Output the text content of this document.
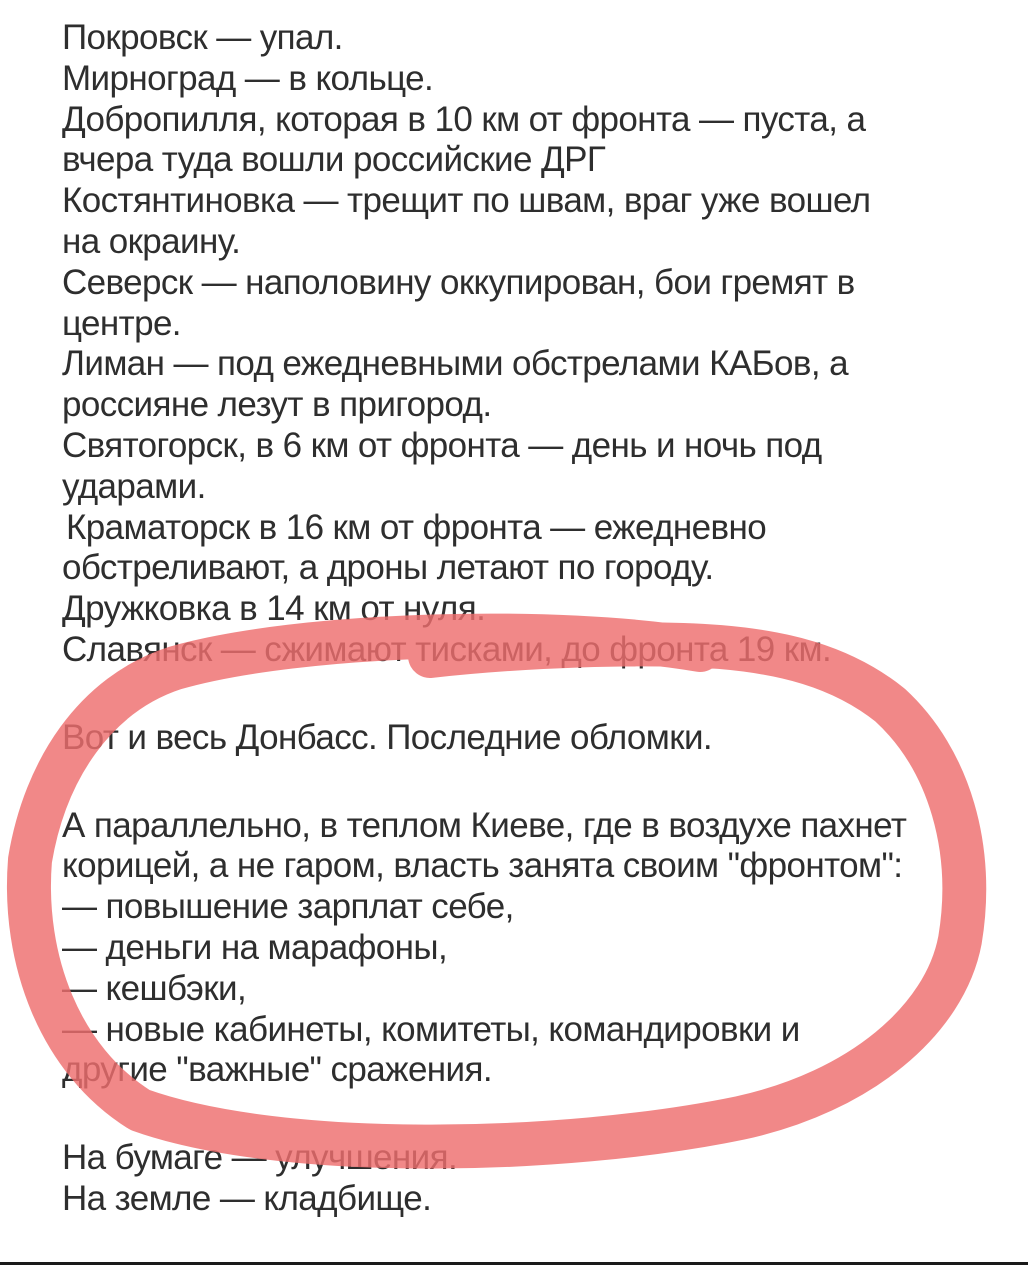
Покровск — упал.
Мирноград — в кольце.
Добропилля, которая в 10 км от фронта — пуста, а
вчера туда вошли российские ДРГ
Костянтиновка — трещит по швам, враг уже вошел
на окраину.
Северск — наполовину оккупирован, бои гремят в
центре.
Лиман — под ежедневными обстрелами КАБов, а
россияне лезут в пригород.
Святогорск, в 6 км от фронта — день и ночь под
ударами.
Краматорск в 16 км от фронта — ежедневно
обстреливают, а дроны летают по городу.
Дружковка в 14 км от нуля.
Славянск — сжимают тисками, до фронта 19 км.
Вот и весь Донбасс. Последние обломки.
А параллельно, в теплом Киеве, где в воздухе пахнет
корицей, а не гаром, власть занята своим "фронтом":
— повышение зарплат себе,
— деньги на марафоны,
— кешбэки,
— новые кабинеты, комитеты, командировки и
другие "важные" сражения.
На бумаге — улучшения.
На земле — кладбище.
